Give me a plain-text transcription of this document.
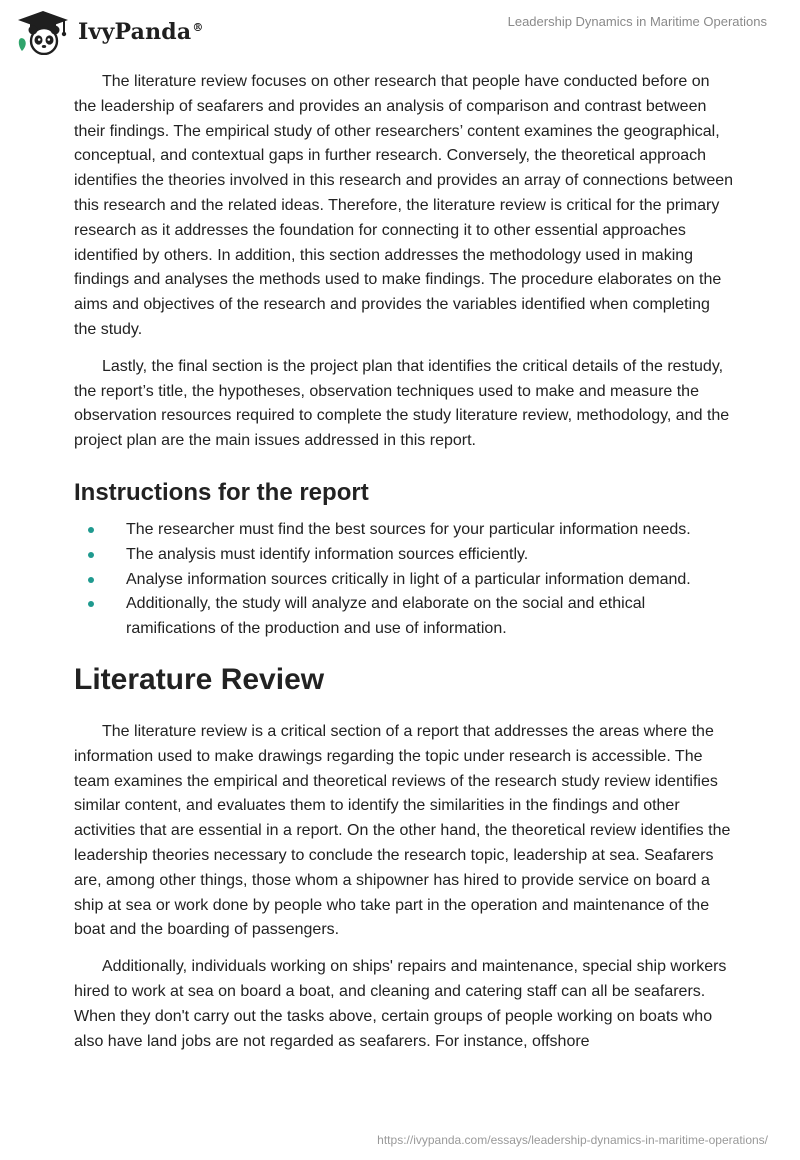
IvyPanda®	Leadership Dynamics in Maritime Operations

The literature review focuses on other research that people have conducted before on the leadership of seafarers and provides an analysis of comparison and contrast between their findings. The empirical study of other researchers’ content examines the geographical, conceptual, and contextual gaps in further research. Conversely, the theoretical approach identifies the theories involved in this research and provides an array of connections between this research and the related ideas. Therefore, the literature review is critical for the primary research as it addresses the foundation for connecting it to other essential approaches identified by others. In addition, this section addresses the methodology used in making findings and analyses the methods used to make findings. The procedure elaborates on the aims and objectives of the research and provides the variables identified when completing the study.

Lastly, the final section is the project plan that identifies the critical details of the restudy, the report’s title, the hypotheses, observation techniques used to make and measure the observation resources required to complete the study literature review, methodology, and the project plan are the main issues addressed in this report.

Instructions for the report
The researcher must find the best sources for your particular information needs.
The analysis must identify information sources efficiently.
Analyse information sources critically in light of a particular information demand.
Additionally, the study will analyze and elaborate on the social and ethical ramifications of the production and use of information.
Literature Review

The literature review is a critical section of a report that addresses the areas where the information used to make drawings regarding the topic under research is accessible. The team examines the empirical and theoretical reviews of the research study review identifies similar content, and evaluates them to identify the similarities in the findings and other activities that are essential in a report. On the other hand, the theoretical review identifies the leadership theories necessary to conclude the research topic, leadership at sea. Seafarers are, among other things, those whom a shipowner has hired to provide service on board a ship at sea or work done by people who take part in the operation and maintenance of the boat and the boarding of passengers.

Additionally, individuals working on ships' repairs and maintenance, special ship workers hired to work at sea on board a boat, and cleaning and catering staff can all be seafarers. When they don't carry out the tasks above, certain groups of people working on boats who also have land jobs are not regarded as seafarers. For instance, offshore

https://ivypanda.com/essays/leadership-dynamics-in-maritime-operations/
